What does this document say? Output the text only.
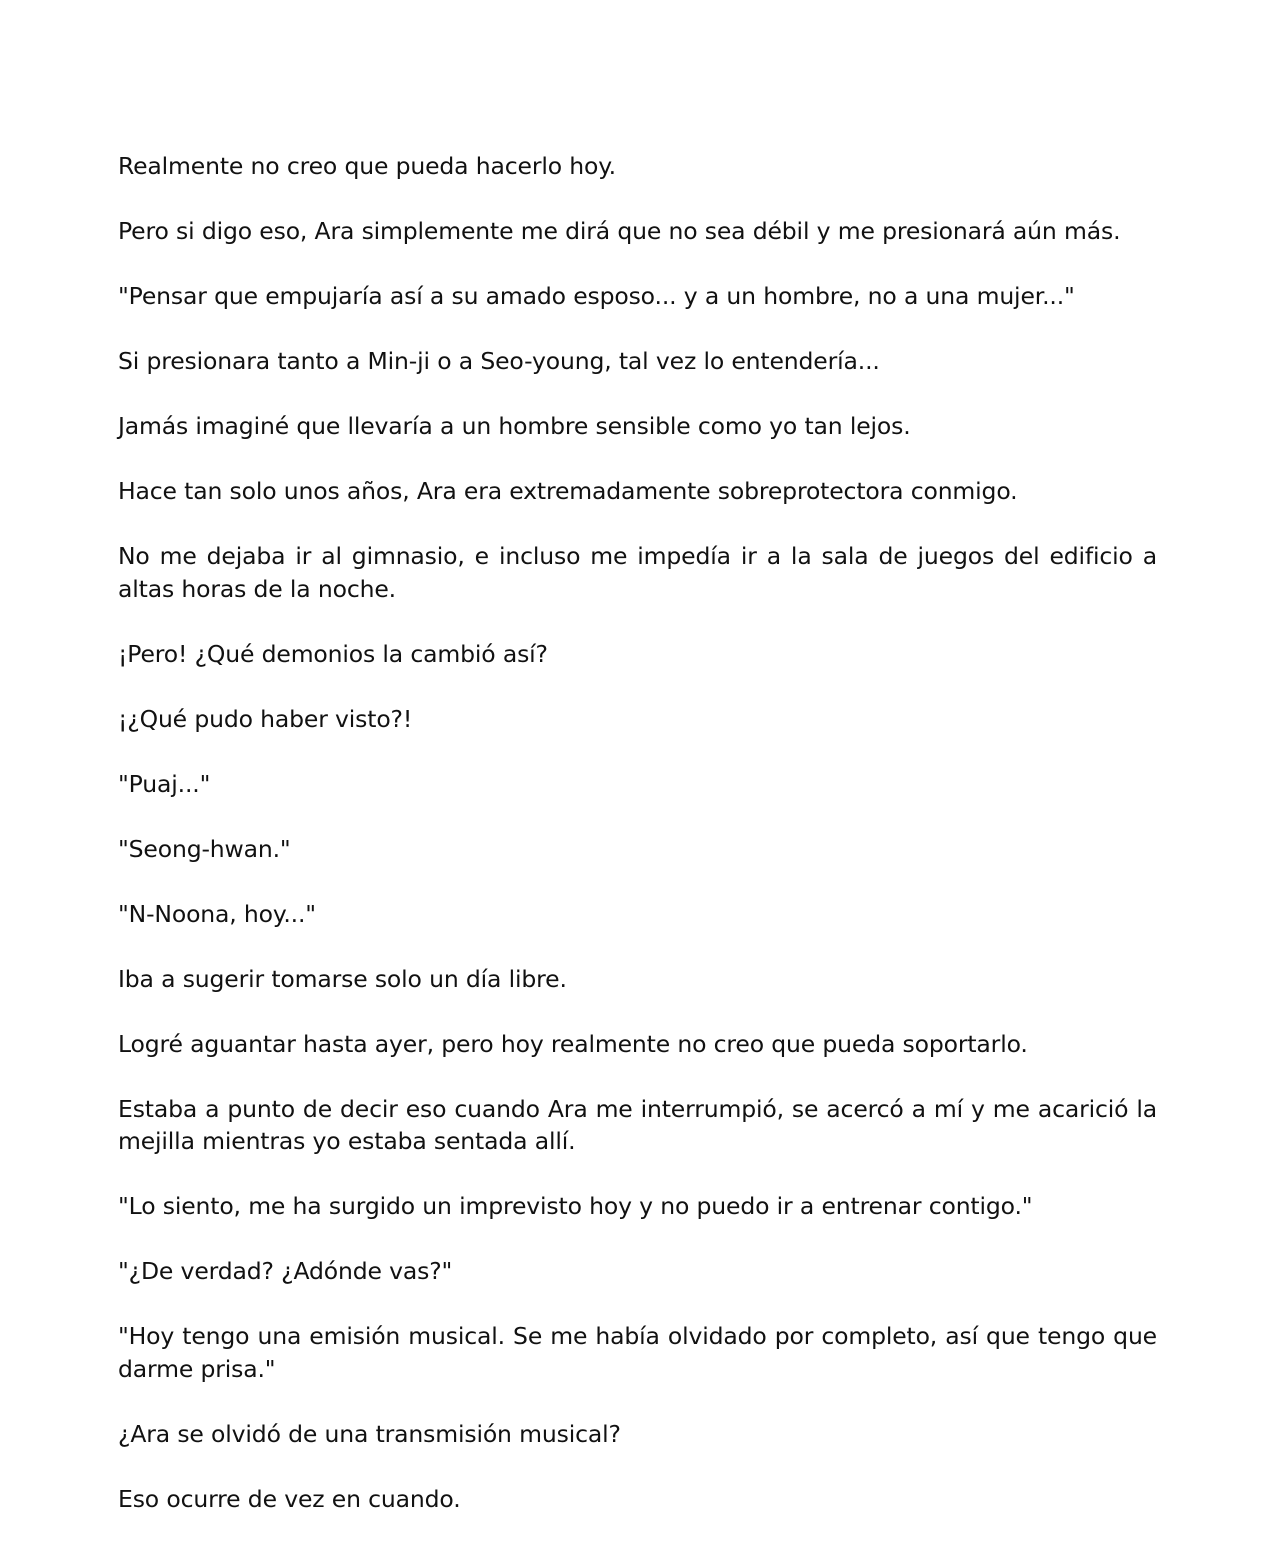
Realmente no creo que pueda hacerlo hoy.

Pero si digo eso, Ara simplemente me dirá que no sea débil y me presionará aún más.

"Pensar que empujaría así a su amado esposo... y a un hombre, no a una mujer..."

Si presionara tanto a Min-ji o a Seo-young, tal vez lo entendería...

Jamás imaginé que llevaría a un hombre sensible como yo tan lejos.

Hace tan solo unos años, Ara era extremadamente sobreprotectora conmigo.

No me dejaba ir al gimnasio, e incluso me impedía ir a la sala de juegos del edificio a altas horas de la noche.

¡Pero! ¿Qué demonios la cambió así?

¡¿Qué pudo haber visto?!

"Puaj..."

"Seong-hwan."

"N-Noona, hoy..."

Iba a sugerir tomarse solo un día libre.

Logré aguantar hasta ayer, pero hoy realmente no creo que pueda soportarlo.

Estaba a punto de decir eso cuando Ara me interrumpió, se acercó a mí y me acarició la mejilla mientras yo estaba sentada allí.

"Lo siento, me ha surgido un imprevisto hoy y no puedo ir a entrenar contigo."

"¿De verdad? ¿Adónde vas?"

"Hoy tengo una emisión musical. Se me había olvidado por completo, así que tengo que darme prisa."

¿Ara se olvidó de una transmisión musical?

Eso ocurre de vez en cuando.
